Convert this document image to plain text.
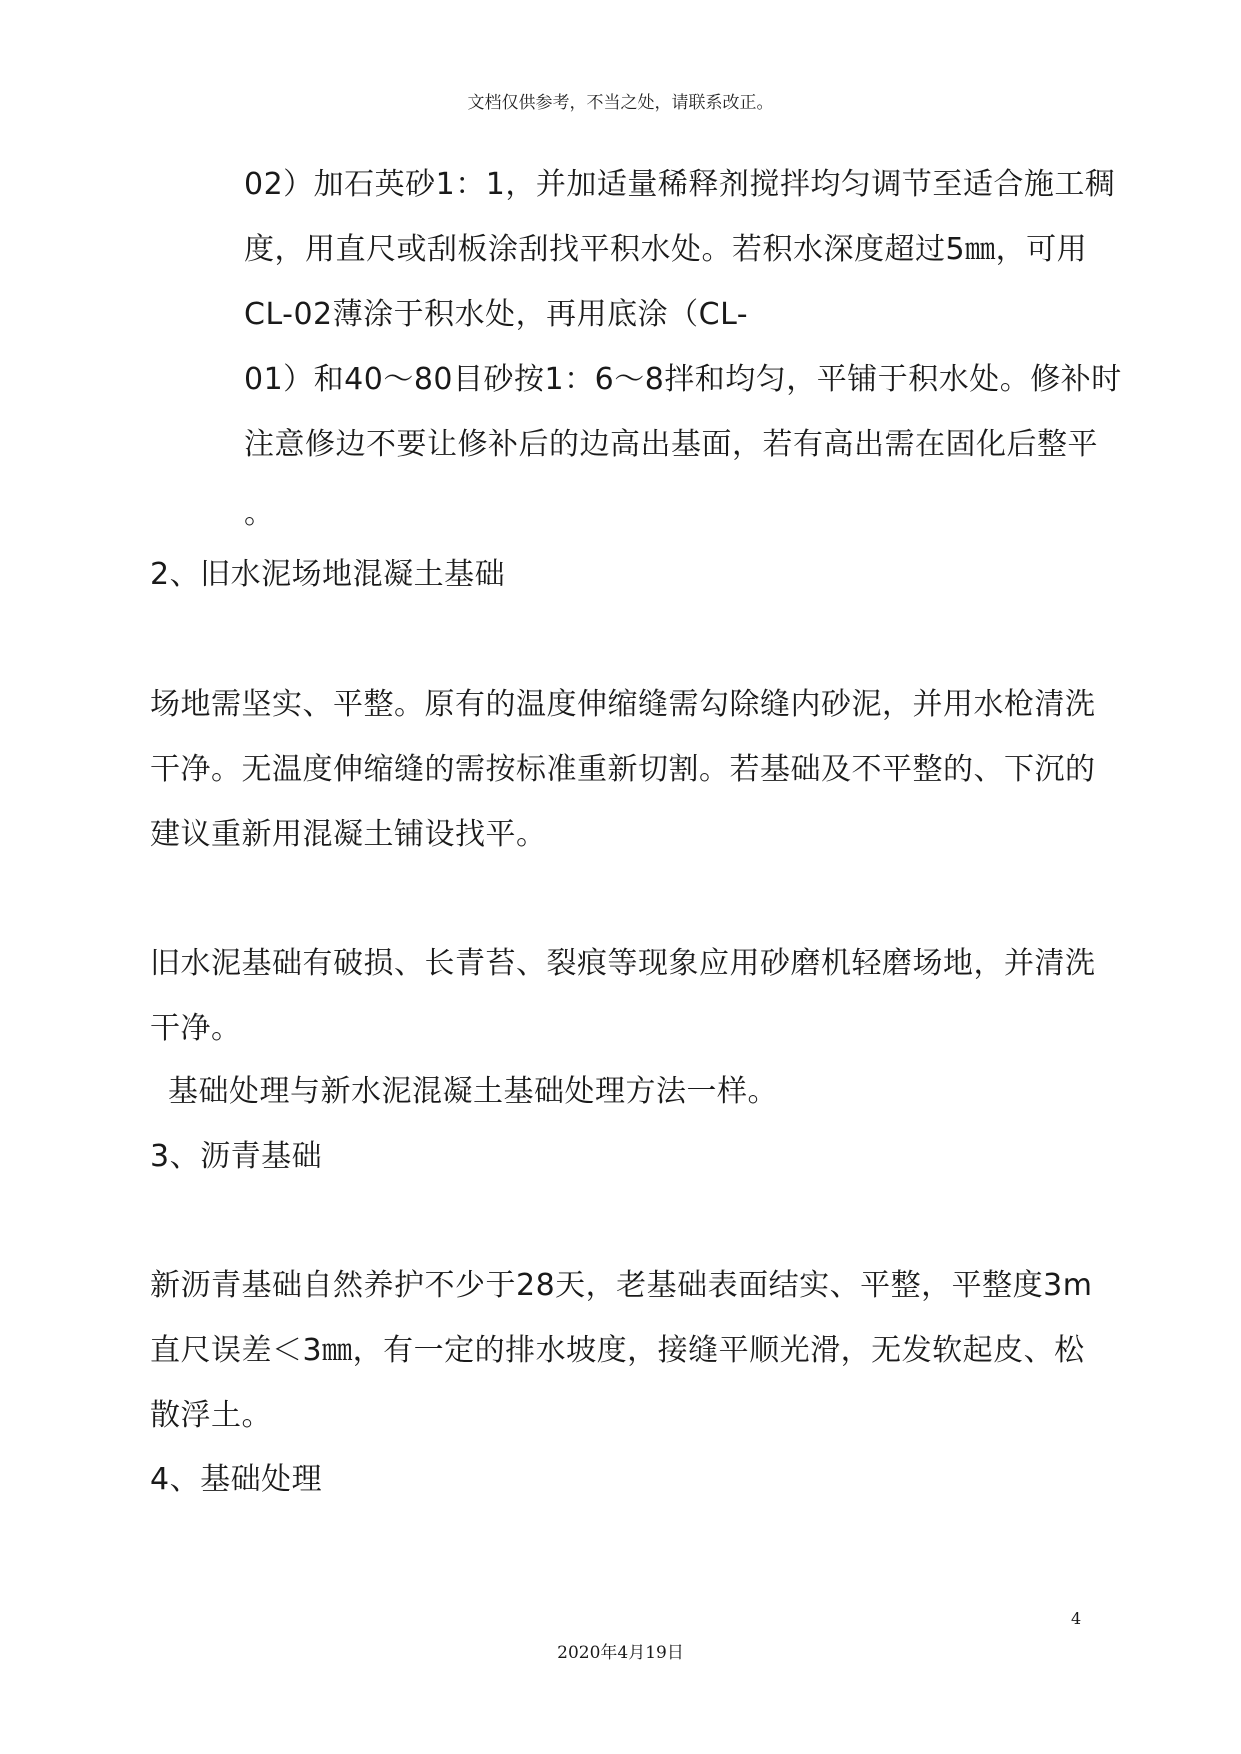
文档仅供参考，不当之处，请联系改正。
02）加石英砂1：1，并加适量稀释剂搅拌均匀调节至适合施工稠
度，用直尺或刮板涂刮找平积水处。若积水深度超过5㎜，可用
CL-02薄涂于积水处，再用底涂（CL-
01）和40～80目砂按1：6～8拌和均匀，平铺于积水处。修补时
注意修边不要让修补后的边高出基面，若有高出需在固化后整平
。
2、旧水泥场地混凝土基础
场地需坚实、平整。原有的温度伸缩缝需勾除缝内砂泥，并用水枪清洗
干净。无温度伸缩缝的需按标准重新切割。若基础及不平整的、下沉的
建议重新用混凝土铺设找平。
旧水泥基础有破损、长青苔、裂痕等现象应用砂磨机轻磨场地，并清洗
干净。
基础处理与新水泥混凝土基础处理方法一样。
3、沥青基础
新沥青基础自然养护不少于28天，老基础表面结实、平整，平整度3m
直尺误差＜3㎜，有一定的排水坡度，接缝平顺光滑，无发软起皮、松
散浮土。
4、基础处理
4
2020年4月19日
